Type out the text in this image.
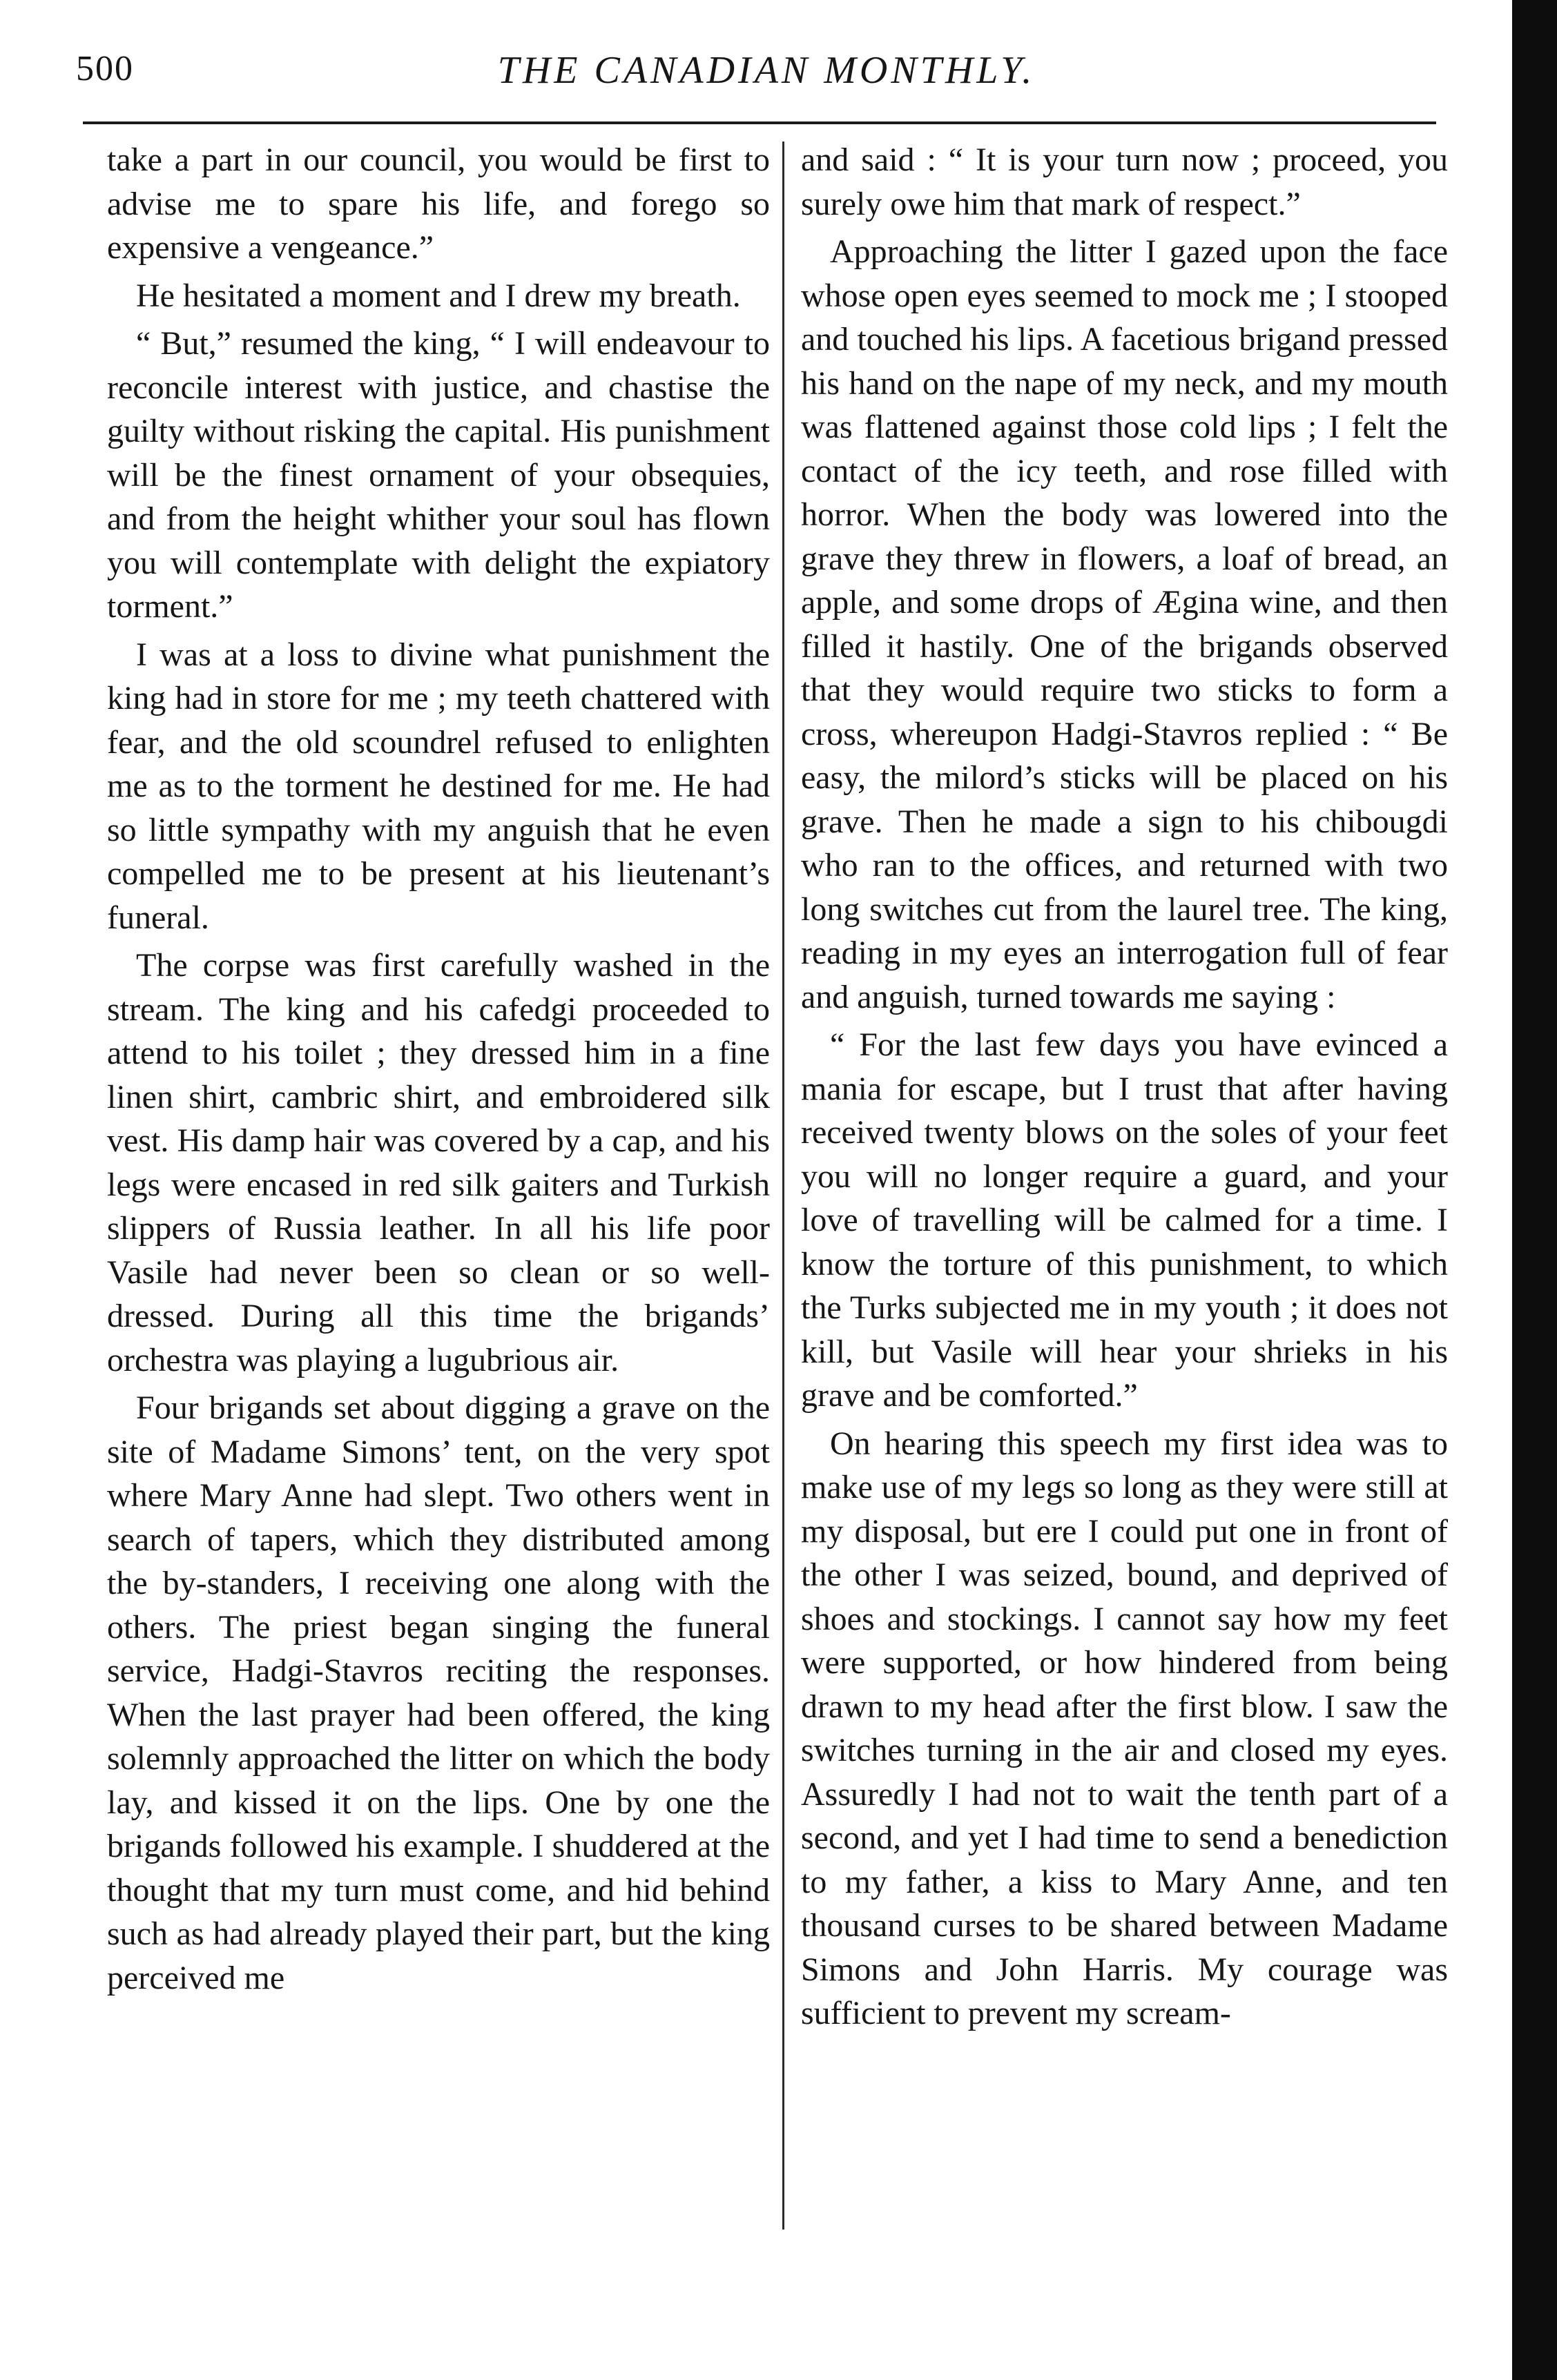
500	THE CANADIAN MONTHLY.

take a part in our council, you would be first to advise me to spare his life, and forego so expensive a vengeance.”

He hesitated a moment and I drew my breath.

“ But,” resumed the king, “ I will endeavour to reconcile interest with justice, and chastise the guilty without risking the capital. His punishment will be the finest ornament of your obsequies, and from the height whither your soul has flown you will contemplate with delight the expiatory torment.”

I was at a loss to divine what punishment the king had in store for me ; my teeth chattered with fear, and the old scoundrel refused to enlighten me as to the torment he destined for me. He had so little sympathy with my anguish that he even compelled me to be present at his lieutenant’s funeral.

The corpse was first carefully washed in the stream. The king and his cafedgi proceeded to attend to his toilet ; they dressed him in a fine linen shirt, cambric shirt, and embroidered silk vest. His damp hair was covered by a cap, and his legs were encased in red silk gaiters and Turkish slippers of Russia leather. In all his life poor Vasile had never been so clean or so well-dressed. During all this time the brigands’ orchestra was playing a lugubrious air.

Four brigands set about digging a grave on the site of Madame Simons’ tent, on the very spot where Mary Anne had slept. Two others went in search of tapers, which they distributed among the by-standers, I receiving one along with the others. The priest began singing the funeral service, Hadgi-Stavros reciting the responses. When the last prayer had been offered, the king solemnly approached the litter on which the body lay, and kissed it on the lips. One by one the brigands followed his example. I shuddered at the thought that my turn must come, and hid behind such as had already played their part, but the king perceived me

and said : “ It is your turn now ; proceed, you surely owe him that mark of respect.”

Approaching the litter I gazed upon the face whose open eyes seemed to mock me ; I stooped and touched his lips. A facetious brigand pressed his hand on the nape of my neck, and my mouth was flattened against those cold lips ; I felt the contact of the icy teeth, and rose filled with horror. When the body was lowered into the grave they threw in flowers, a loaf of bread, an apple, and some drops of Ægina wine, and then filled it hastily. One of the brigands observed that they would require two sticks to form a cross, whereupon Hadgi-Stavros replied : “ Be easy, the milord’s sticks will be placed on his grave. Then he made a sign to his chibougdi who ran to the offices, and returned with two long switches cut from the laurel tree. The king, reading in my eyes an interrogation full of fear and anguish, turned towards me saying :

“ For the last few days you have evinced a mania for escape, but I trust that after having received twenty blows on the soles of your feet you will no longer require a guard, and your love of travelling will be calmed for a time. I know the torture of this punishment, to which the Turks subjected me in my youth ; it does not kill, but Vasile will hear your shrieks in his grave and be comforted.”

On hearing this speech my first idea was to make use of my legs so long as they were still at my disposal, but ere I could put one in front of the other I was seized, bound, and deprived of shoes and stockings. I cannot say how my feet were supported, or how hindered from being drawn to my head after the first blow. I saw the switches turning in the air and closed my eyes. Assuredly I had not to wait the tenth part of a second, and yet I had time to send a benediction to my father, a kiss to Mary Anne, and ten thousand curses to be shared between Madame Simons and John Harris. My courage was sufficient to prevent my scream-
